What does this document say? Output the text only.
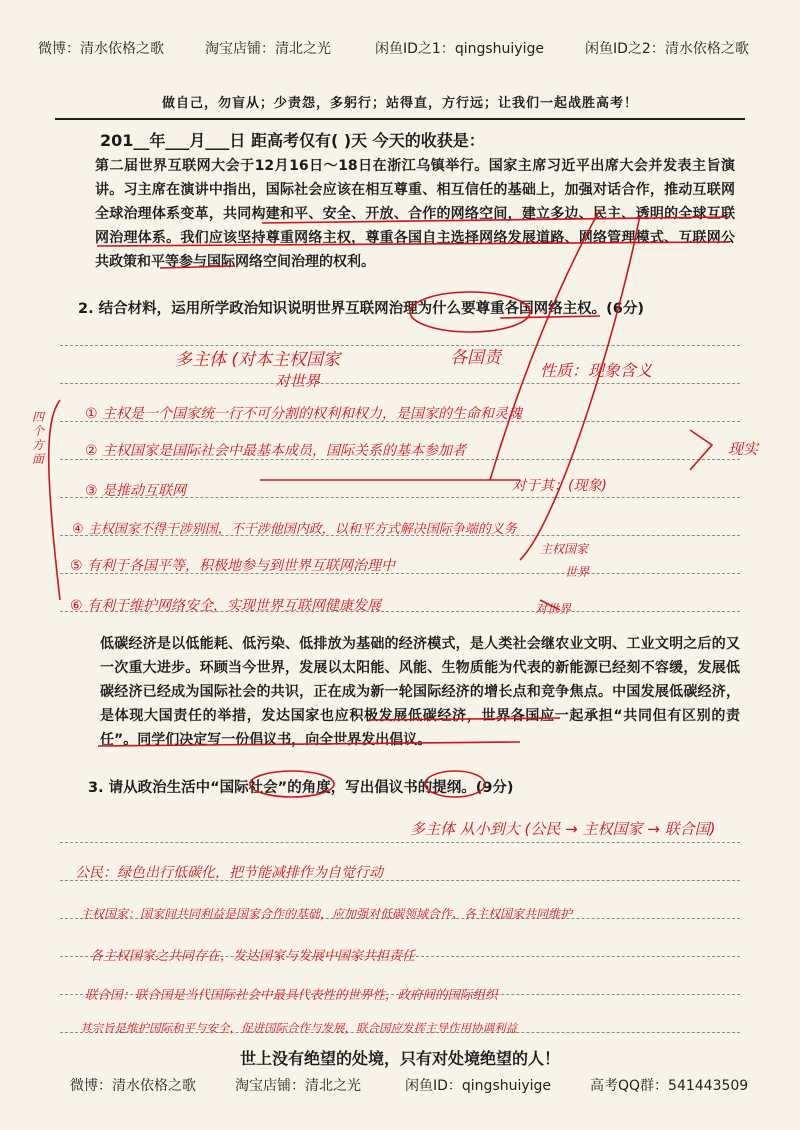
微博：清水依格之歌	淘宝店铺：清北之光	闲鱼ID之1：qingshuiyige	闲鱼ID之2：清水依格之歌
做自己，勿盲从；少责怨，多躬行；站得直，方行远；让我们一起战胜高考！
201__年___月___日 距高考仅有( )天 今天的收获是：
第二届世界互联网大会于12月16日～18日在浙江乌镇举行。国家主席习近平出席大会并发表主旨演讲。习主席在演讲中指出，国际社会应该在相互尊重、相互信任的基础上，加强对话合作，推动互联网全球治理体系变革，共同构建和平、安全、开放、合作的网络空间，建立多边、民主、透明的全球互联网治理体系。我们应该坚持尊重网络主权，尊重各国自主选择网络发展道路、网络管理模式、互联网公共政策和平等参与国际网络空间治理的权利。
2. 结合材料，运用所学政治知识说明世界互联网治理为什么要尊重各国网络主权。(6分)
多主体 (对本主权国家
对世界
各国责
性质：现象含义
① 主权是一个国家统一行不可分割的权利和权力，是国家的生命和灵魂
② 主权国家是国际社会中最基本成员，国际关系的基本参加者
③ 是推动互联网	对于其：(现象)
④ 主权国家不得干涉别国，不干涉他国内政，以和平方式解决国际争端的义务
⑤ 有利于各国平等，积极地参与到世界互联网治理中
⑥ 有利于维护网络安全，实现世界互联网健康发展
现实
主权国家
世界
对世界
四个方面
低碳经济是以低能耗、低污染、低排放为基础的经济模式，是人类社会继农业文明、工业文明之后的又一次重大进步。环顾当今世界，发展以太阳能、风能、生物质能为代表的新能源已经刻不容缓，发展低碳经济已经成为国际社会的共识，正在成为新一轮国际经济的增长点和竞争焦点。中国发展低碳经济，是体现大国责任的举措，发达国家也应积极发展低碳经济，世界各国应一起承担“共同但有区别的责任”。同学们决定写一份倡议书，向全世界发出倡议。
3. 请从政治生活中“国际社会”的角度，写出倡议书的提纲。(9分)
多主体 从小到大 (公民 → 主权国家 → 联合国)
公民：绿色出行低碳化，把节能减排作为自觉行动
主权国家：国家间共同利益是国家合作的基础，应加强对低碳领域合作、各主权国家共同维护
各主权国家之共同存在，发达国家与发展中国家共担责任
联合国：联合国是当代国际社会中最具代表性的世界性，政府间的国际组织
其宗旨是维护国际和平与安全，促进国际合作与发展，联合国应发挥主导作用协调利益
世上没有绝望的处境，只有对处境绝望的人！
微博：清水依格之歌	淘宝店铺：清北之光	闲鱼ID：qingshuiyige	高考QQ群：541443509
